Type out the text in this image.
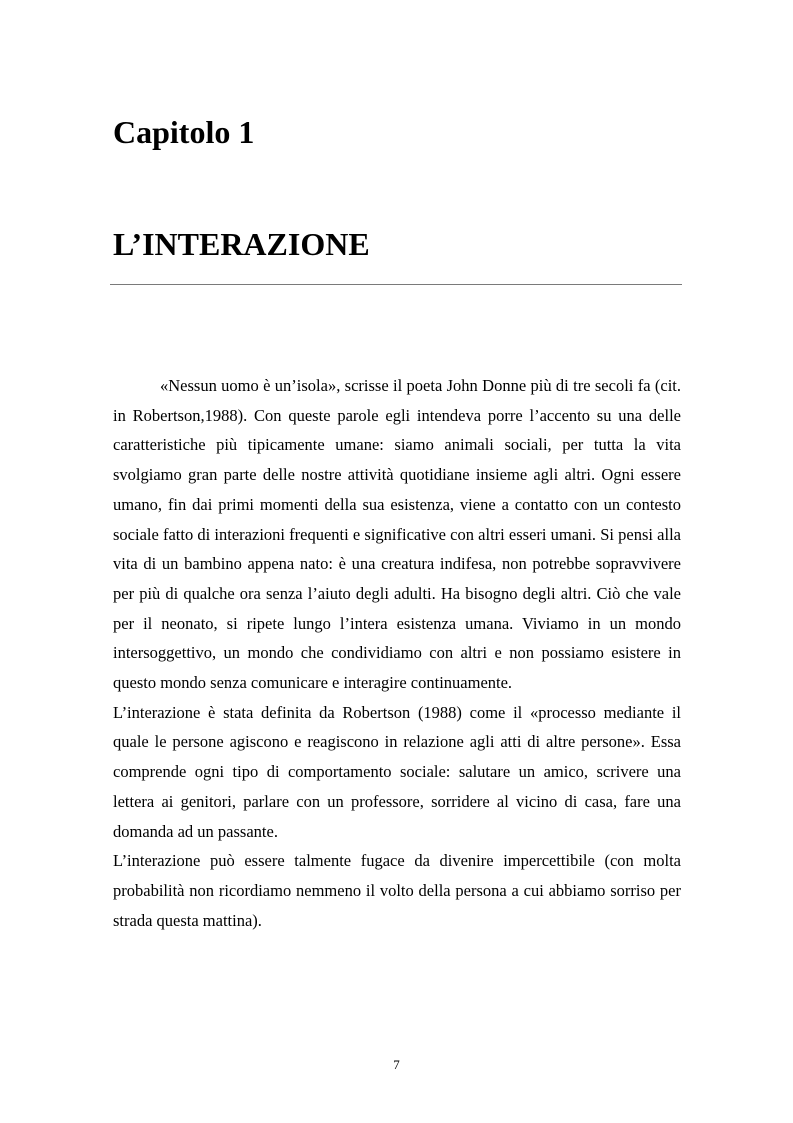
Capitolo 1
L’INTERAZIONE

«Nessun uomo è un’isola», scrisse il poeta John Donne più di tre secoli fa (cit. in Robertson,1988). Con queste parole egli intendeva porre l’accento su una delle caratteristiche più tipicamente umane: siamo animali sociali, per tutta la vita svolgiamo gran parte delle nostre attività quotidiane insieme agli altri. Ogni essere umano, fin dai primi momenti della sua esistenza, viene a contatto con un contesto sociale fatto di interazioni frequenti e significative con altri esseri umani. Si pensi alla vita di un bambino appena nato: è una creatura indifesa, non potrebbe sopravvivere per più di qualche ora senza l’aiuto degli adulti. Ha bisogno degli altri. Ciò che vale per il neonato, si ripete lungo l’intera esistenza umana. Viviamo in un mondo intersoggettivo, un mondo che condividiamo con altri e non possiamo esistere in questo mondo senza comunicare e interagire continuamente.

L’interazione è stata definita da Robertson (1988) come il «processo mediante il quale le persone agiscono e reagiscono in relazione agli atti di altre persone». Essa comprende ogni tipo di comportamento sociale: salutare un amico, scrivere una lettera ai genitori, parlare con un professore, sorridere al vicino di casa, fare una domanda ad un passante.

L’interazione può essere talmente fugace da divenire impercettibile (con molta probabilità non ricordiamo nemmeno il volto della persona a cui abbiamo sorriso per strada questa mattina).

7
